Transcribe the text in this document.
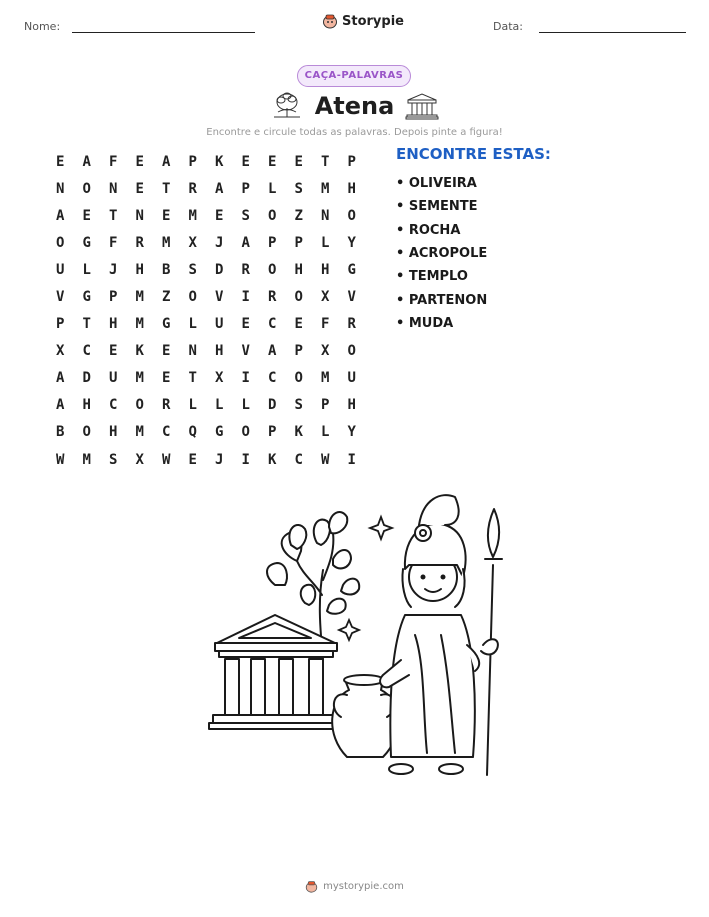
Nome:	Storypie	Data:
CAÇA-PALAVRAS
Atena
Encontre e circule todas as palavras. Depois pinte a figura!
E	A	F	E	A	P	K	E	E	E	T	P
N	O	N	E	T	R	A	P	L	S	M	H
A	E	T	N	E	M	E	S	O	Z	N	O
O	G	F	R	M	X	J	A	P	P	L	Y
U	L	J	H	B	S	D	R	O	H	H	G
V	G	P	M	Z	O	V	I	R	O	X	V
P	T	H	M	G	L	U	E	C	E	F	R
X	C	E	K	E	N	H	V	A	P	X	O
A	D	U	M	E	T	X	I	C	O	M	U
A	H	C	O	R	L	L	L	D	S	P	H
B	O	H	M	C	Q	G	O	P	K	L	Y
W	M	S	X	W	E	J	I	K	C	W	I
ENCONTRE ESTAS:
• OLIVEIRA
• SEMENTE
• ROCHA
• ACROPOLE
• TEMPLO
• PARTENON
• MUDA
mystorypie.com
